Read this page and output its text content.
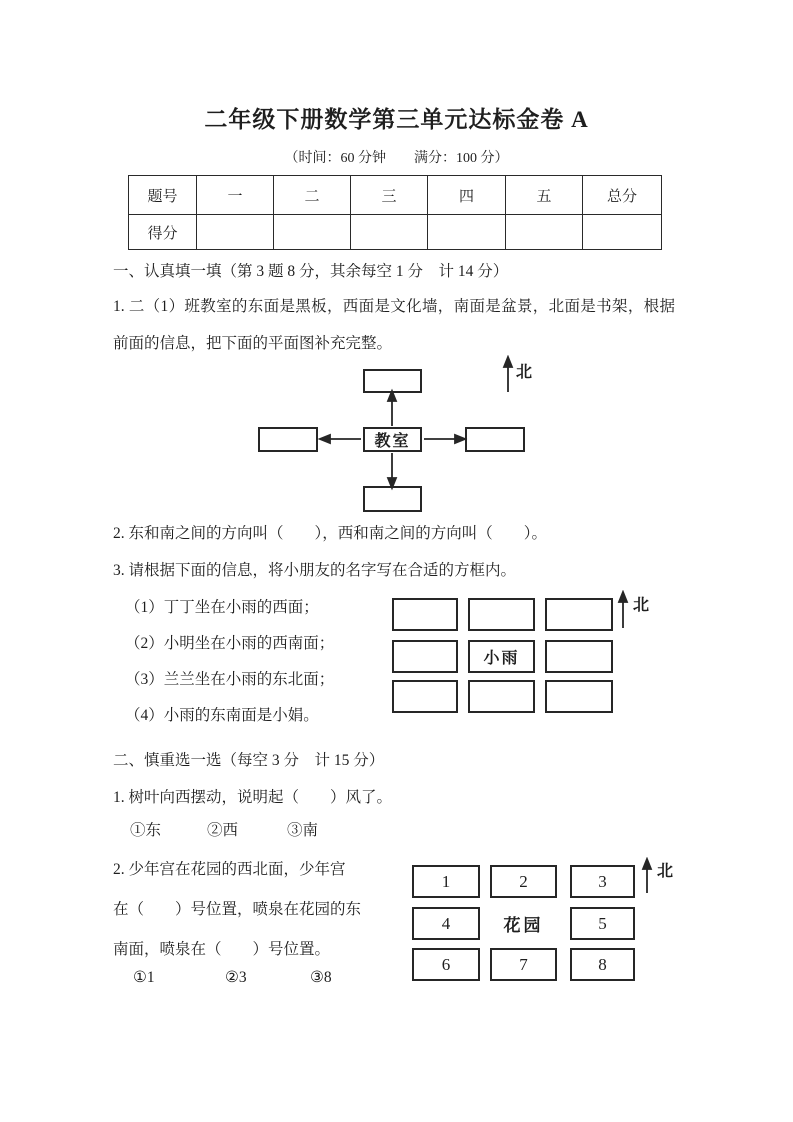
二年级下册数学第三单元达标金卷 A
（时间：60 分钟　　满分：100 分）
题号	一	二	三	四	五	总分
得分						
一、认真填一填（第 3 题 8 分，其余每空 1 分　计 14 分）
1. 二（1）班教室的东面是黑板，西面是文化墙，南面是盆景，北面是书架，根据前面的信息，把下面的平面图补充完整。
教室
北
2. 东和南之间的方向叫（　　），西和南之间的方向叫（　　）。
3. 请根据下面的信息，将小朋友的名字写在合适的方框内。
（1）丁丁坐在小雨的西面；
（2）小明坐在小雨的西南面；
（3）兰兰坐在小雨的东北面；
（4）小雨的东南面是小娟。
小雨
北
二、慎重选一选（每空 3 分　计 15 分）
1. 树叶向西摆动，说明起（　　）风了。
①东	②西	③南
2. 少年宫在花园的西北面，少年宫
在（　　）号位置，喷泉在花园的东
南面，喷泉在（　　）号位置。
①1	②3	③8
1	2	3
4	花园	5
6	7	8
北
